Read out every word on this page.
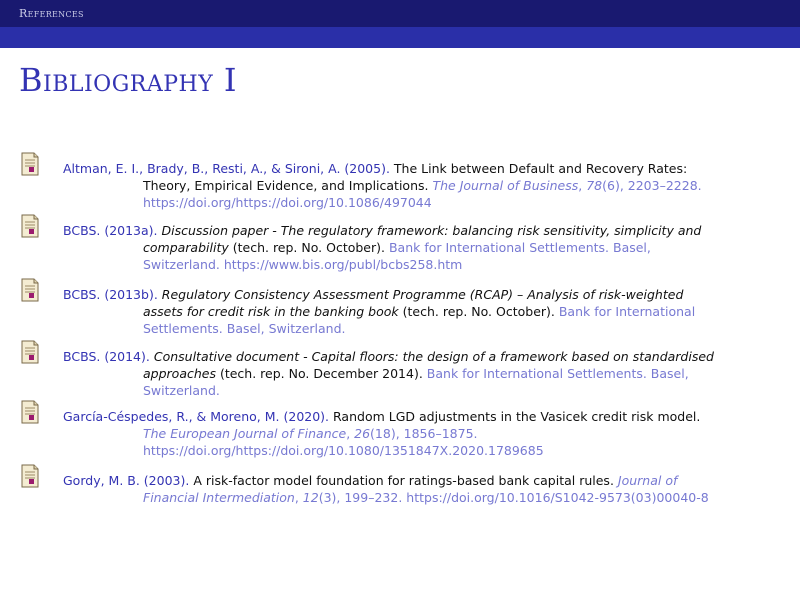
References
Bibliography I
Altman, E. I., Brady, B., Resti, A., & Sironi, A. (2005). The Link between Default and Recovery Rates:
Theory, Empirical Evidence, and Implications. The Journal of Business, 78(6), 2203–2228.
https://doi.org/https://doi.org/10.1086/497044
BCBS. (2013a). Discussion paper - The regulatory framework: balancing risk sensitivity, simplicity and
comparability (tech. rep. No. October). Bank for International Settlements. Basel,
Switzerland. https://www.bis.org/publ/bcbs258.htm
BCBS. (2013b). Regulatory Consistency Assessment Programme (RCAP) – Analysis of risk-weighted
assets for credit risk in the banking book (tech. rep. No. October). Bank for International
Settlements. Basel, Switzerland.
BCBS. (2014). Consultative document - Capital floors: the design of a framework based on standardised
approaches (tech. rep. No. December 2014). Bank for International Settlements. Basel,
Switzerland.
García-Céspedes, R., & Moreno, M. (2020). Random LGD adjustments in the Vasicek credit risk model.
The European Journal of Finance, 26(18), 1856–1875.
https://doi.org/https://doi.org/10.1080/1351847X.2020.1789685
Gordy, M. B. (2003). A risk-factor model foundation for ratings-based bank capital rules. Journal of
Financial Intermediation, 12(3), 199–232. https://doi.org/10.1016/S1042-9573(03)00040-8
